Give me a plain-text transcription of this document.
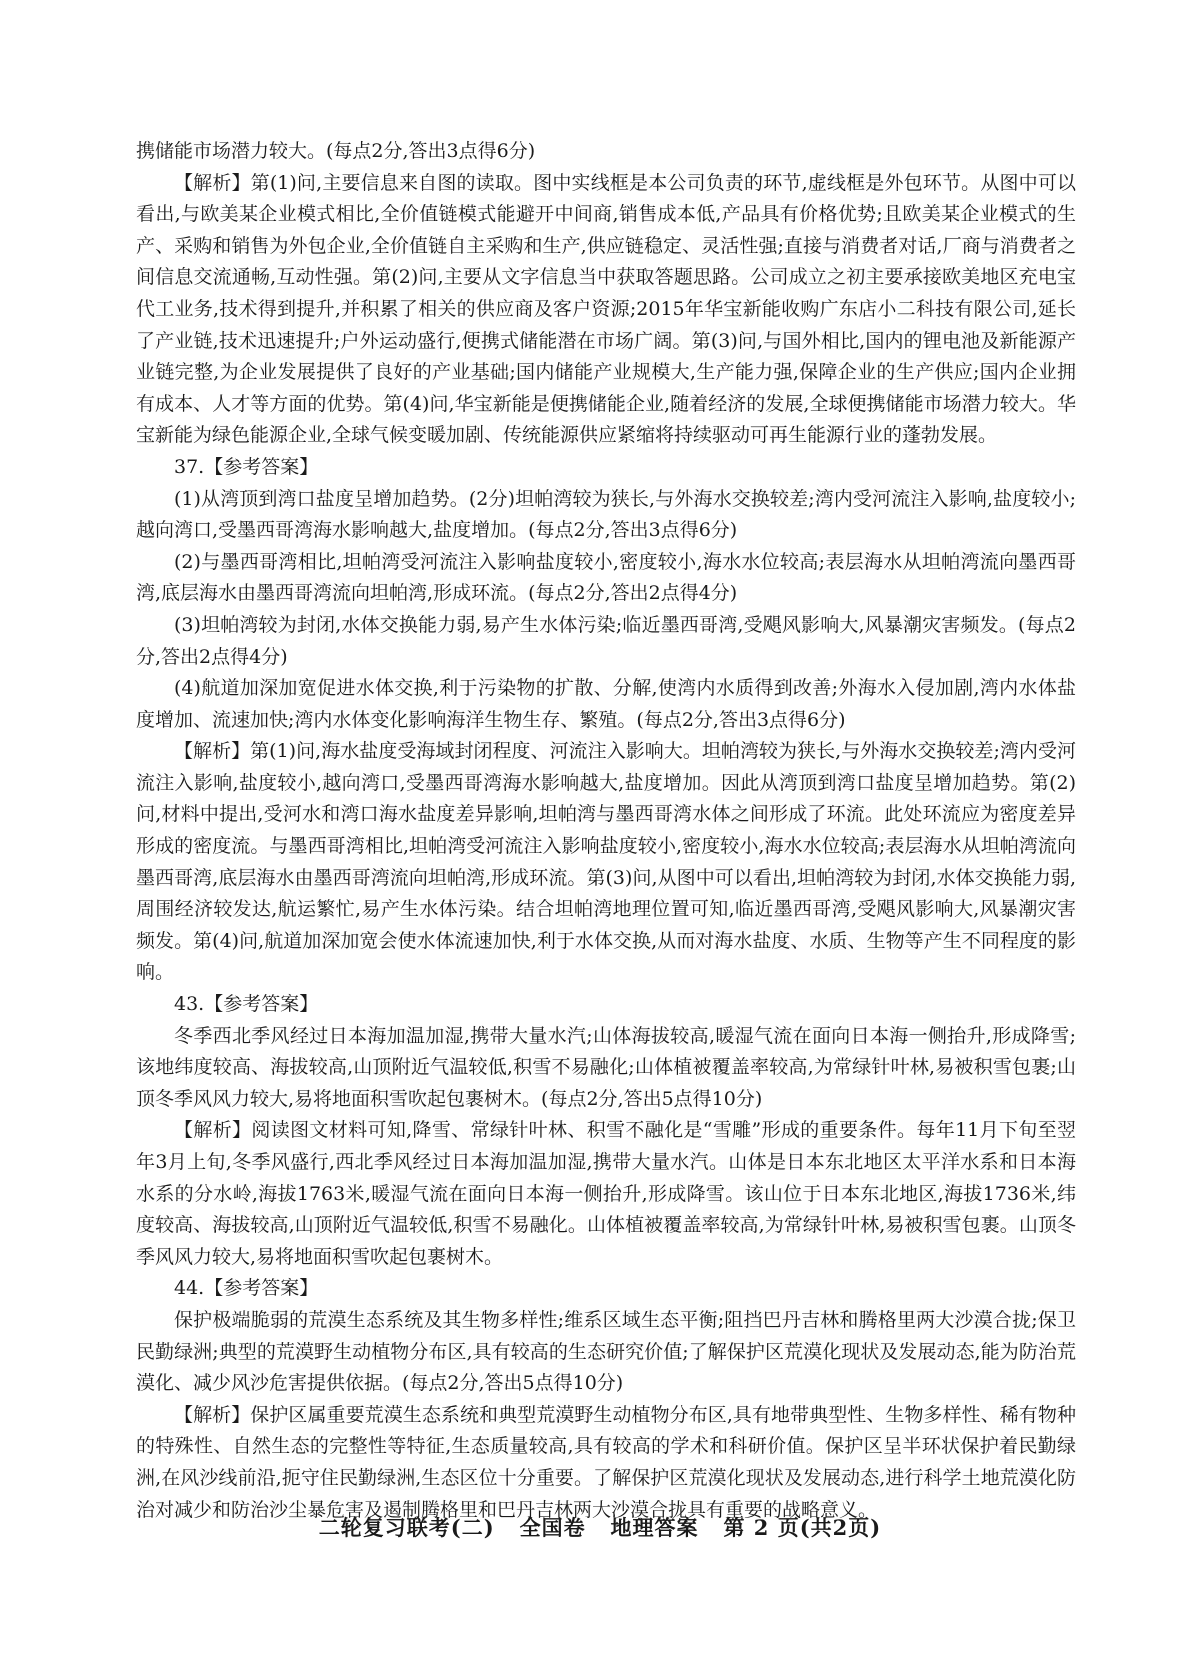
携储能市场潜力较大。(每点2分,答出3点得6分)

【解析】第(1)问,主要信息来自图的读取。图中实线框是本公司负责的环节,虚线框是外包环节。从图中可以看出,与欧美某企业模式相比,全价值链模式能避开中间商,销售成本低,产品具有价格优势;且欧美某企业模式的生产、采购和销售为外包企业,全价值链自主采购和生产,供应链稳定、灵活性强;直接与消费者对话,厂商与消费者之间信息交流通畅,互动性强。第(2)问,主要从文字信息当中获取答题思路。公司成立之初主要承接欧美地区充电宝代工业务,技术得到提升,并积累了相关的供应商及客户资源;2015年华宝新能收购广东店小二科技有限公司,延长了产业链,技术迅速提升;户外运动盛行,便携式储能潜在市场广阔。第(3)问,与国外相比,国内的锂电池及新能源产业链完整,为企业发展提供了良好的产业基础;国内储能产业规模大,生产能力强,保障企业的生产供应;国内企业拥有成本、人才等方面的优势。第(4)问,华宝新能是便携储能企业,随着经济的发展,全球便携储能市场潜力较大。华宝新能为绿色能源企业,全球气候变暖加剧、传统能源供应紧缩将持续驱动可再生能源行业的蓬勃发展。

37.【参考答案】

(1)从湾顶到湾口盐度呈增加趋势。(2分)坦帕湾较为狭长,与外海水交换较差;湾内受河流注入影响,盐度较小;越向湾口,受墨西哥湾海水影响越大,盐度增加。(每点2分,答出3点得6分)

(2)与墨西哥湾相比,坦帕湾受河流注入影响盐度较小,密度较小,海水水位较高;表层海水从坦帕湾流向墨西哥湾,底层海水由墨西哥湾流向坦帕湾,形成环流。(每点2分,答出2点得4分)

(3)坦帕湾较为封闭,水体交换能力弱,易产生水体污染;临近墨西哥湾,受飓风影响大,风暴潮灾害频发。(每点2分,答出2点得4分)

(4)航道加深加宽促进水体交换,利于污染物的扩散、分解,使湾内水质得到改善;外海水入侵加剧,湾内水体盐度增加、流速加快;湾内水体变化影响海洋生物生存、繁殖。(每点2分,答出3点得6分)

【解析】第(1)问,海水盐度受海域封闭程度、河流注入影响大。坦帕湾较为狭长,与外海水交换较差;湾内受河流注入影响,盐度较小,越向湾口,受墨西哥湾海水影响越大,盐度增加。因此从湾顶到湾口盐度呈增加趋势。第(2)问,材料中提出,受河水和湾口海水盐度差异影响,坦帕湾与墨西哥湾水体之间形成了环流。此处环流应为密度差异形成的密度流。与墨西哥湾相比,坦帕湾受河流注入影响盐度较小,密度较小,海水水位较高;表层海水从坦帕湾流向墨西哥湾,底层海水由墨西哥湾流向坦帕湾,形成环流。第(3)问,从图中可以看出,坦帕湾较为封闭,水体交换能力弱,周围经济较发达,航运繁忙,易产生水体污染。结合坦帕湾地理位置可知,临近墨西哥湾,受飓风影响大,风暴潮灾害频发。第(4)问,航道加深加宽会使水体流速加快,利于水体交换,从而对海水盐度、水质、生物等产生不同程度的影响。

43.【参考答案】

冬季西北季风经过日本海加温加湿,携带大量水汽;山体海拔较高,暖湿气流在面向日本海一侧抬升,形成降雪;该地纬度较高、海拔较高,山顶附近气温较低,积雪不易融化;山体植被覆盖率较高,为常绿针叶林,易被积雪包裹;山顶冬季风风力较大,易将地面积雪吹起包裹树木。(每点2分,答出5点得10分)

【解析】阅读图文材料可知,降雪、常绿针叶林、积雪不融化是“雪雕”形成的重要条件。每年11月下旬至翌年3月上旬,冬季风盛行,西北季风经过日本海加温加湿,携带大量水汽。山体是日本东北地区太平洋水系和日本海水系的分水岭,海拔1763米,暖湿气流在面向日本海一侧抬升,形成降雪。该山位于日本东北地区,海拔1736米,纬度较高、海拔较高,山顶附近气温较低,积雪不易融化。山体植被覆盖率较高,为常绿针叶林,易被积雪包裹。山顶冬季风风力较大,易将地面积雪吹起包裹树木。

44.【参考答案】

保护极端脆弱的荒漠生态系统及其生物多样性;维系区域生态平衡;阻挡巴丹吉林和腾格里两大沙漠合拢;保卫民勤绿洲;典型的荒漠野生动植物分布区,具有较高的生态研究价值;了解保护区荒漠化现状及发展动态,能为防治荒漠化、减少风沙危害提供依据。(每点2分,答出5点得10分)

【解析】保护区属重要荒漠生态系统和典型荒漠野生动植物分布区,具有地带典型性、生物多样性、稀有物种的特殊性、自然生态的完整性等特征,生态质量较高,具有较高的学术和科研价值。保护区呈半环状保护着民勤绿洲,在风沙线前沿,扼守住民勤绿洲,生态区位十分重要。了解保护区荒漠化现状及发展动态,进行科学土地荒漠化防治对减少和防治沙尘暴危害及遏制腾格里和巴丹吉林两大沙漠合拢具有重要的战略意义。

二轮复习联考(二)   全国卷   地理答案   第 2 页(共2页)
